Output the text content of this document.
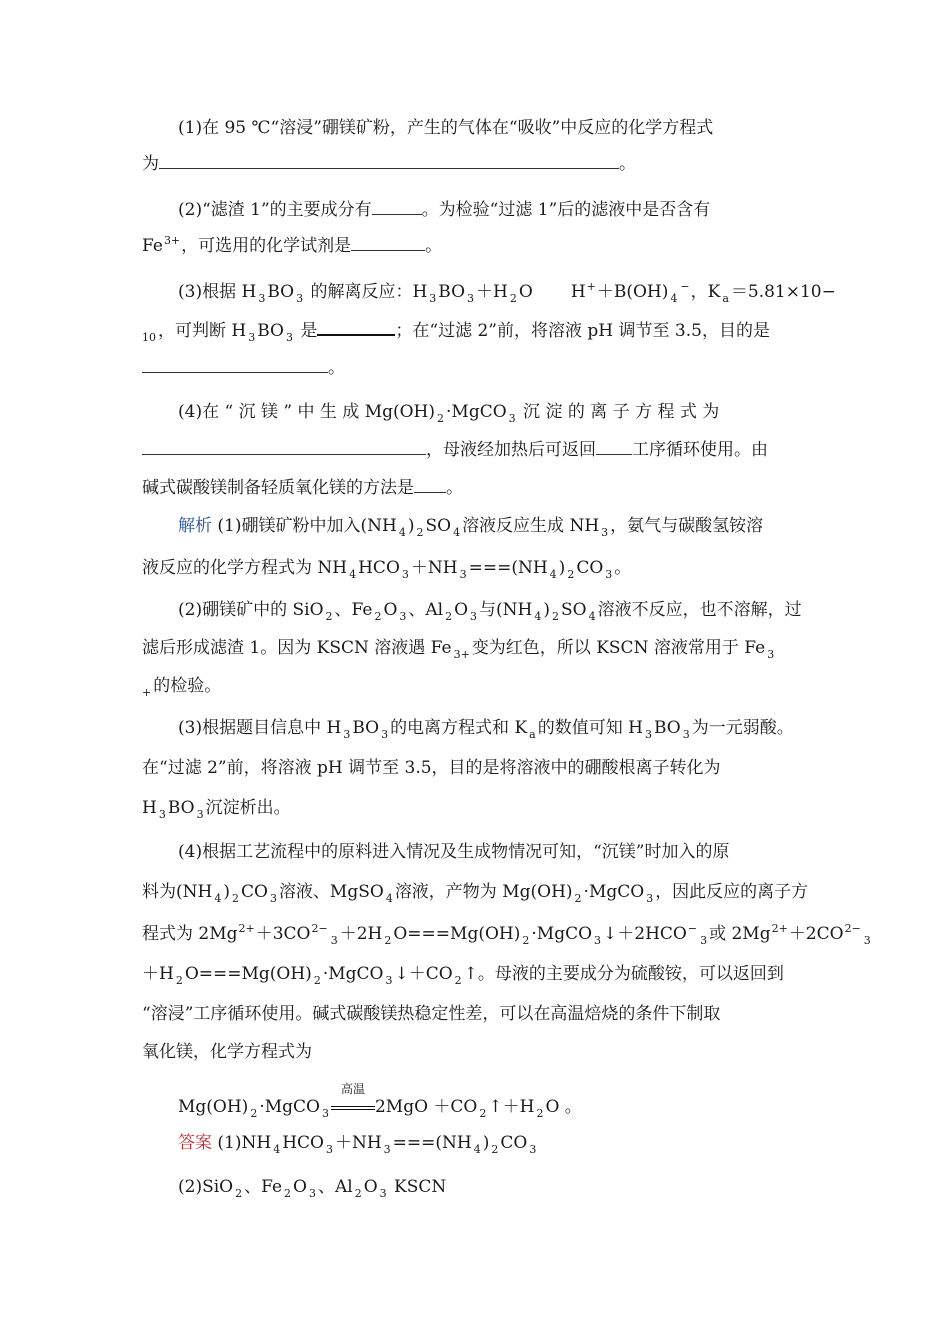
(1)在 95 ℃“溶浸”硼镁矿粉，产生的气体在“吸收”中反应的化学方程式
为	。
(2)“滤渣 1”的主要成分有	。为检验“过滤 1”后的滤液中是否含有
$Fe^{3+}$，可选用的化学试剂是	。
(3)根据 H $_3$ BO $_3$ 的解离反应：H $_3$ BO $_3$ ＋H $_2$ O H+＋B(OH) $_4$−，K $_a$ ＝5.81×10−
$_{10}$ ，可判断 H $_3$ BO $_3$ 是	；在“过滤 2”前，将溶液 pH 调节至 3.5，目的是
。
(4)在 “ 沉 镁 ” 中 生 成 Mg(OH) $_2$ ·MgCO $_3$ 沉 淀 的 离 子 方 程 式 为
，母液经加热后可返回 工序循环使用。由
碱式碳酸镁制备轻质氧化镁的方法是 。
解析 (1)硼镁矿粉中加入(NH $_4$ ) $_2$ SO $_4$ 溶液反应生成 NH $_3$ ，氨气与碳酸氢铵溶
液反应的化学方程式为 NH $_4$ HCO $_3$ ＋NH $_3$ ===(NH $_4$ ) $_2$ CO $_3$ 。
(2)硼镁矿中的 SiO $_2$ 、Fe $_2$ O $_3$ 、Al $_2$ O $_3$ 与(NH $_4$ ) $_2$ SO $_4$ 溶液不反应，也不溶解，过
滤后形成滤渣 1。因为 KSCN 溶液遇 Fe $_{3+}$ 变为红色，所以 KSCN 溶液常用于 Fe $_3$
$_+$ 的检验。
(3)根据题目信息中 H $_3$ BO $_3$ 的电离方程式和 K $_a$ 的数值可知 H $_3$ BO $_3$ 为一元弱酸。
在“过滤 2”前，将溶液 pH 调节至 3.5，目的是将溶液中的硼酸根离子转化为
H $_3$ BO $_3$ 沉淀析出。
(4)根据工艺流程中的原料进入情况及生成物情况可知，“沉镁”时加入的原
料为(NH $_4$ ) $_2$ CO $_3$ 溶液、MgSO $_4$ 溶液，产物为 Mg(OH) $_2$ ·MgCO $_3$ ，因此反应的离子方
程式为 $2Mg^{2+}+3CO^{2-}_3 +2H$ $_2$ O===Mg(OH) $_2$ ·MgCO $_3$ $↓+2HCO^-_3$ 或 $2Mg^{2+}+2CO^{2-}_3$
＋H $_2$ O===Mg(OH) $_2$ ·MgCO $_3$ ↓＋CO $_2$ ↑。母液的主要成分为硫酸铵，可以返回到
“溶浸”工序循环使用。碱式碳酸镁热稳定性差，可以在高温焙烧的条件下制取
氧化镁，化学方程式为
Mg(OH) $_2$ ·MgCO $_3$
高温
2MgO ＋CO $_2$ ↑＋H $_2$ O 。
答案 (1)NH $_4$ HCO $_3$ ＋NH $_3$ ===(NH $_4$ ) $_2$ CO $_3$
(2)SiO $_2$ 、Fe $_2$ O $_3$ 、Al $_2$ O $_3$ KSCN
